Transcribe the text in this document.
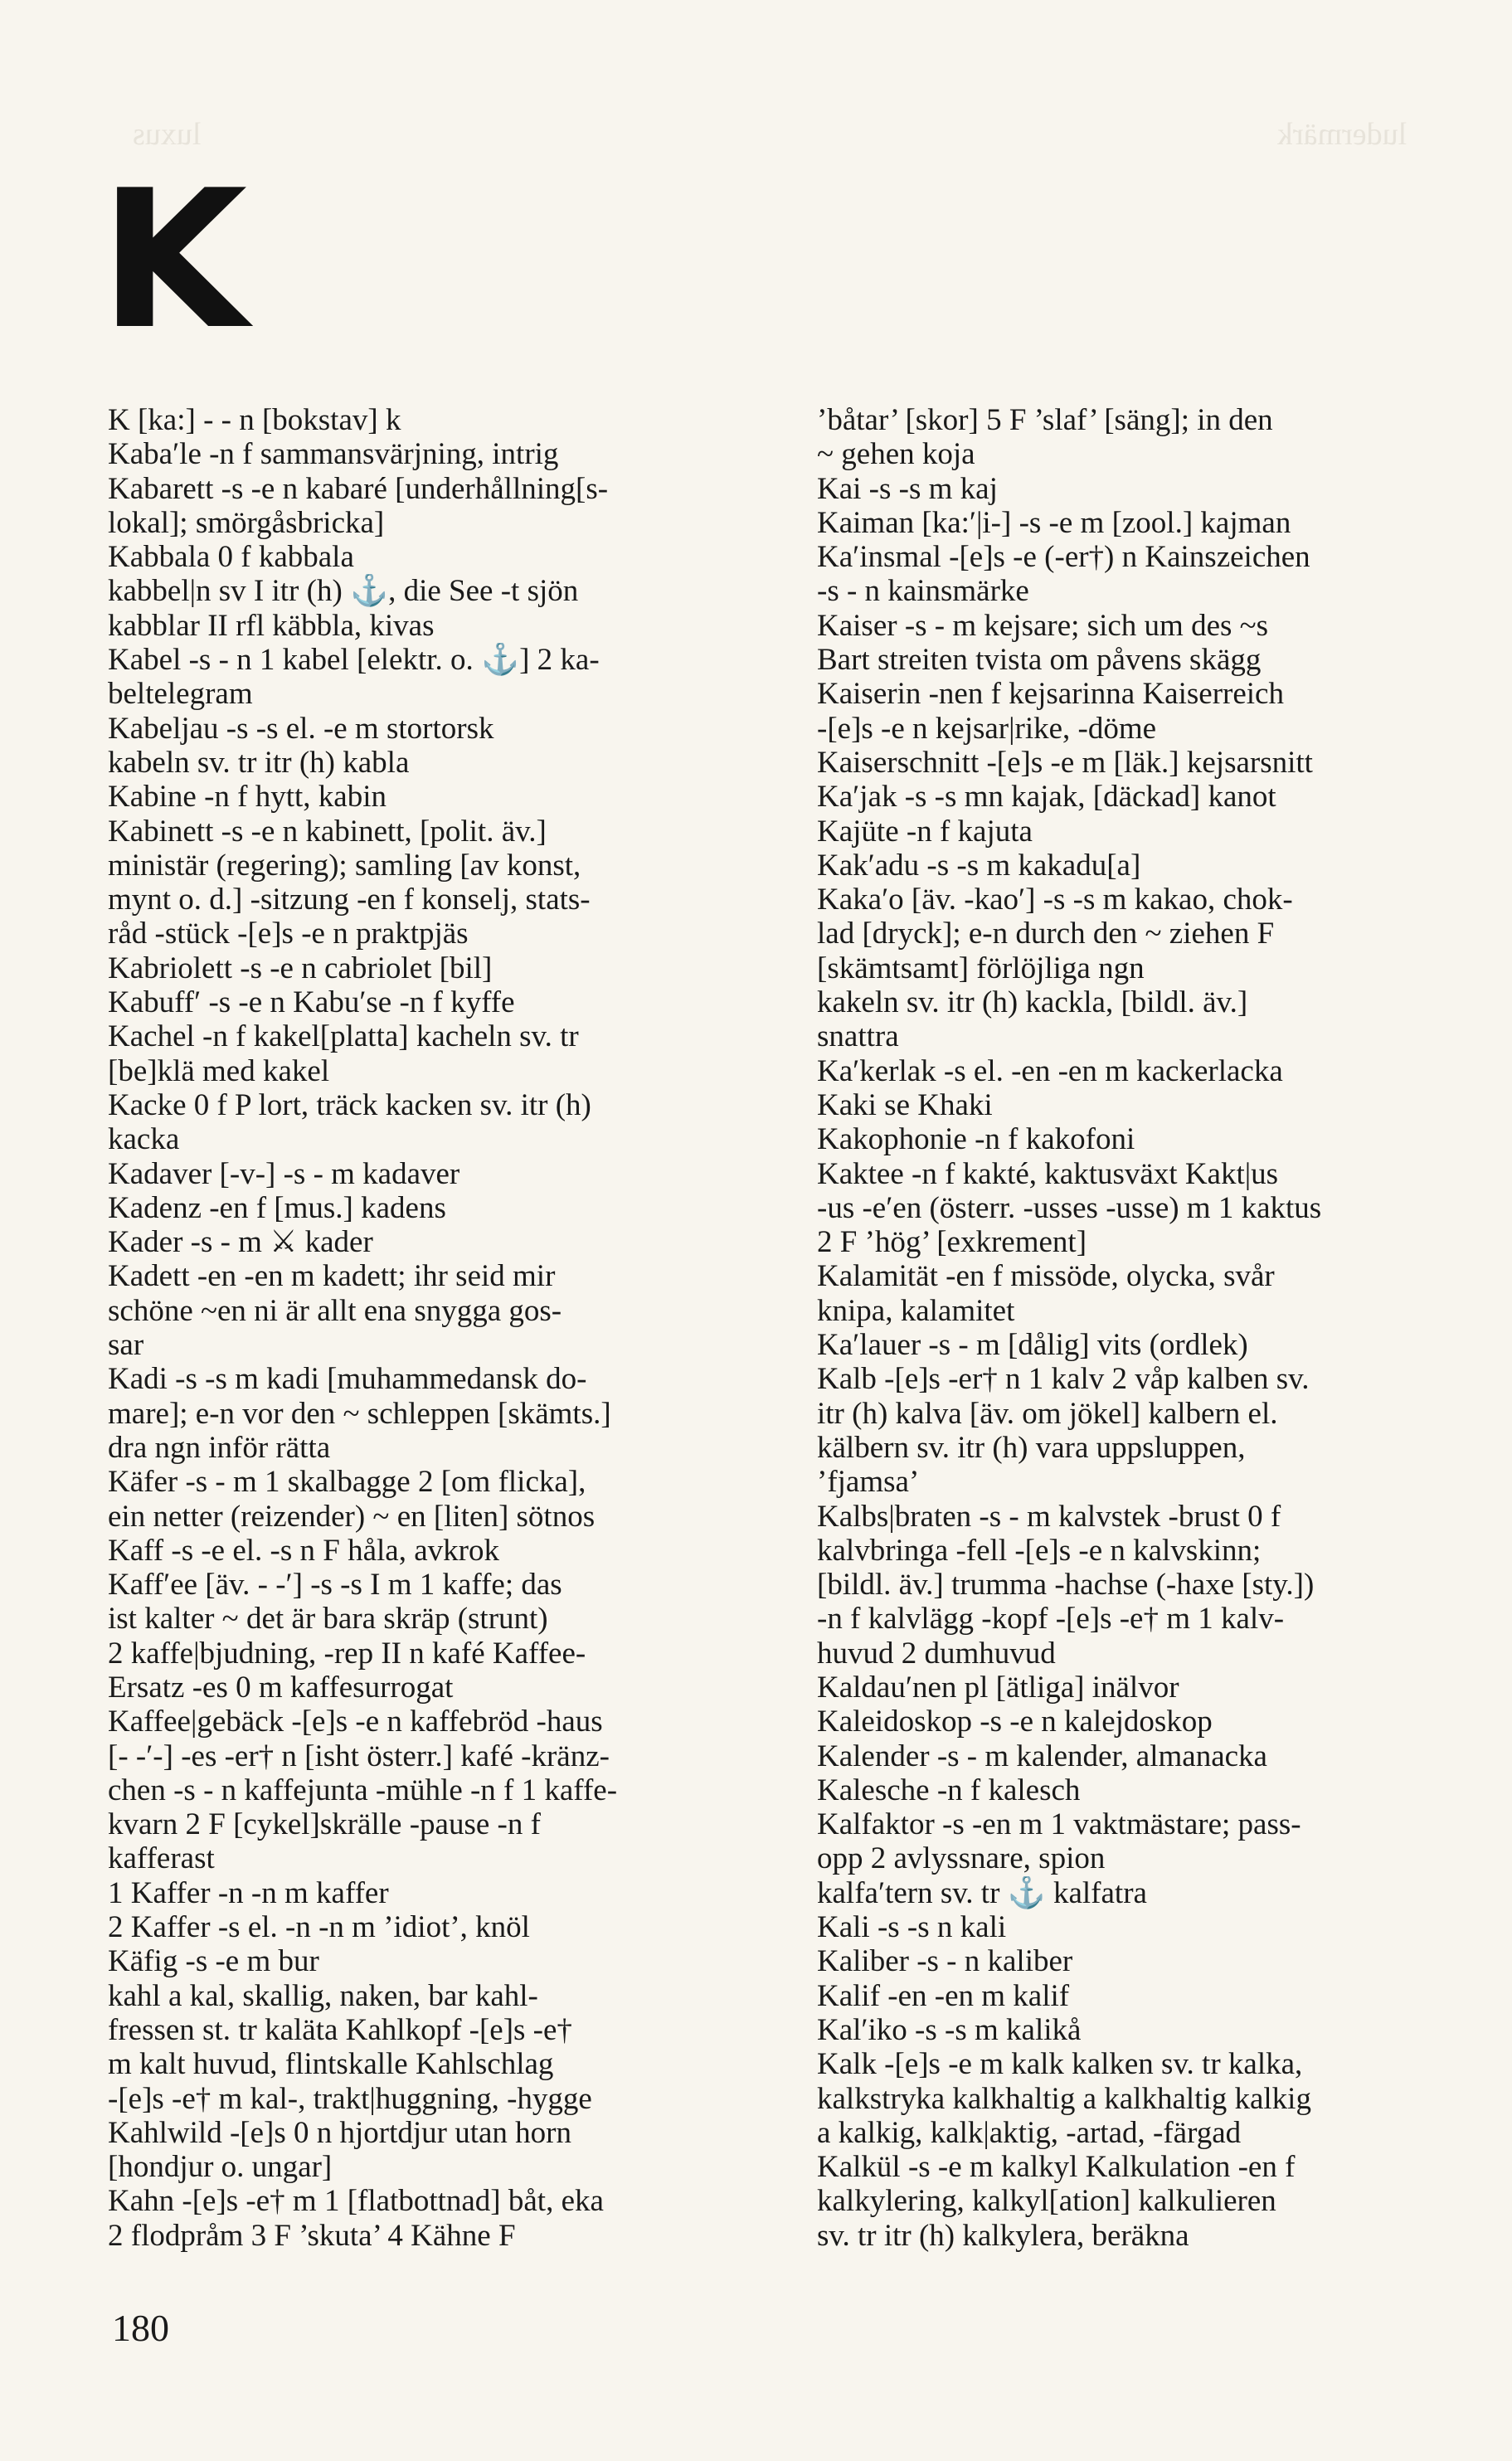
luxus	ludermärk
K
K [ka:] - - n [bokstav] k
Kaba′le -n f sammansvärjning, intrig
Kabarett -s -e n kabaré [underhållning[s-
lokal]; smörgåsbricka]
Kabbala 0 f kabbala
kabbel|n sv I itr (h) ⚓, die See -t sjön
kabblar II rfl käbbla, kivas
Kabel -s - n 1 kabel [elektr. o. ⚓] 2 ka-
beltelegram
Kabeljau -s -s el. -e m stortorsk
kabeln sv. tr itr (h) kabla
Kabine -n f hytt, kabin
Kabinett -s -e n kabinett, [polit. äv.]
ministär (regering); samling [av konst,
mynt o. d.] -sitzung -en f konselj, stats-
råd -stück -[e]s -e n praktpjäs
Kabriolett -s -e n cabriolet [bil]
Kabuff′ -s -e n Kabu′se -n f kyffe
Kachel -n f kakel[platta] kacheln sv. tr
[be]klä med kakel
Kacke 0 f P lort, träck kacken sv. itr (h)
kacka
Kadaver [-v-] -s - m kadaver
Kadenz -en f [mus.] kadens
Kader -s - m ⚔ kader
Kadett -en -en m kadett; ihr seid mir
schöne ~en ni är allt ena snygga gos-
sar
Kadi -s -s m kadi [muhammedansk do-
mare]; e-n vor den ~ schleppen [skämts.]
dra ngn inför rätta
Käfer -s - m 1 skalbagge 2 [om flicka],
ein netter (reizender) ~ en [liten] sötnos
Kaff -s -e el. -s n F håla, avkrok
Kaff′ee [äv. - -′] -s -s I m 1 kaffe; das
ist kalter ~ det är bara skräp (strunt)
2 kaffe|bjudning, -rep II n kafé Kaffee-
Ersatz -es 0 m kaffesurrogat
Kaffee|gebäck -[e]s -e n kaffebröd -haus
[- -′-] -es -er† n [isht österr.] kafé -kränz-
chen -s - n kaffejunta -mühle -n f 1 kaffe-
kvarn 2 F [cykel]skrälle -pause -n f
kafferast
1 Kaffer -n -n m kaffer
2 Kaffer -s el. -n -n m ’idiot’, knöl
Käfig -s -e m bur
kahl a kal, skallig, naken, bar kahl-
fressen st. tr kaläta Kahlkopf -[e]s -e†
m kalt huvud, flintskalle Kahlschlag
-[e]s -e† m kal-, trakt|huggning, -hygge
Kahlwild -[e]s 0 n hjortdjur utan horn
[hondjur o. ungar]
Kahn -[e]s -e† m 1 [flatbottnad] båt, eka
2 flodpråm 3 F ’skuta’ 4 Kähne F
’båtar’ [skor] 5 F ’slaf’ [säng]; in den
~ gehen koja
Kai -s -s m kaj
Kaiman [ka:′|i-] -s -e m [zool.] kajman
Ka′insmal -[e]s -e (-er†) n Kainszeichen
-s - n kainsmärke
Kaiser -s - m kejsare; sich um des ~s
Bart streiten tvista om påvens skägg
Kaiserin -nen f kejsarinna Kaiserreich
-[e]s -e n kejsar|rike, -döme
Kaiserschnitt -[e]s -e m [läk.] kejsarsnitt
Ka′jak -s -s mn kajak, [däckad] kanot
Kajüte -n f kajuta
Kak′adu -s -s m kakadu[a]
Kaka′o [äv. -kao′] -s -s m kakao, chok-
lad [dryck]; e-n durch den ~ ziehen F
[skämtsamt] förlöjliga ngn
kakeln sv. itr (h) kackla, [bildl. äv.]
snattra
Ka′kerlak -s el. -en -en m kackerlacka
Kaki se Khaki
Kakophonie -n f kakofoni
Kaktee -n f kakté, kaktusväxt Kakt|us
-us -e′en (österr. -usses -usse) m 1 kaktus
2 F ’hög’ [exkrement]
Kalamität -en f missöde, olycka, svår
knipa, kalamitet
Ka′lauer -s - m [dålig] vits (ordlek)
Kalb -[e]s -er† n 1 kalv 2 våp kalben sv.
itr (h) kalva [äv. om jökel] kalbern el.
kälbern sv. itr (h) vara uppsluppen,
’fjamsa’
Kalbs|braten -s - m kalvstek -brust 0 f
kalvbringa -fell -[e]s -e n kalvskinn;
[bildl. äv.] trumma -hachse (-haxe [sty.])
-n f kalvlägg -kopf -[e]s -e† m 1 kalv-
huvud 2 dumhuvud
Kaldau′nen pl [ätliga] inälvor
Kaleidoskop -s -e n kalejdoskop
Kalender -s - m kalender, almanacka
Kalesche -n f kalesch
Kalfaktor -s -en m 1 vaktmästare; pass-
opp 2 avlyssnare, spion
kalfa′tern sv. tr ⚓ kalfatra
Kali -s -s n kali
Kaliber -s - n kaliber
Kalif -en -en m kalif
Kal′iko -s -s m kalikå
Kalk -[e]s -e m kalk kalken sv. tr kalka,
kalkstryka kalkhaltig a kalkhaltig kalkig
a kalkig, kalk|aktig, -artad, -färgad
Kalkül -s -e m kalkyl Kalkulation -en f
kalkylering, kalkyl[ation] kalkulieren
sv. tr itr (h) kalkylera, beräkna
180
